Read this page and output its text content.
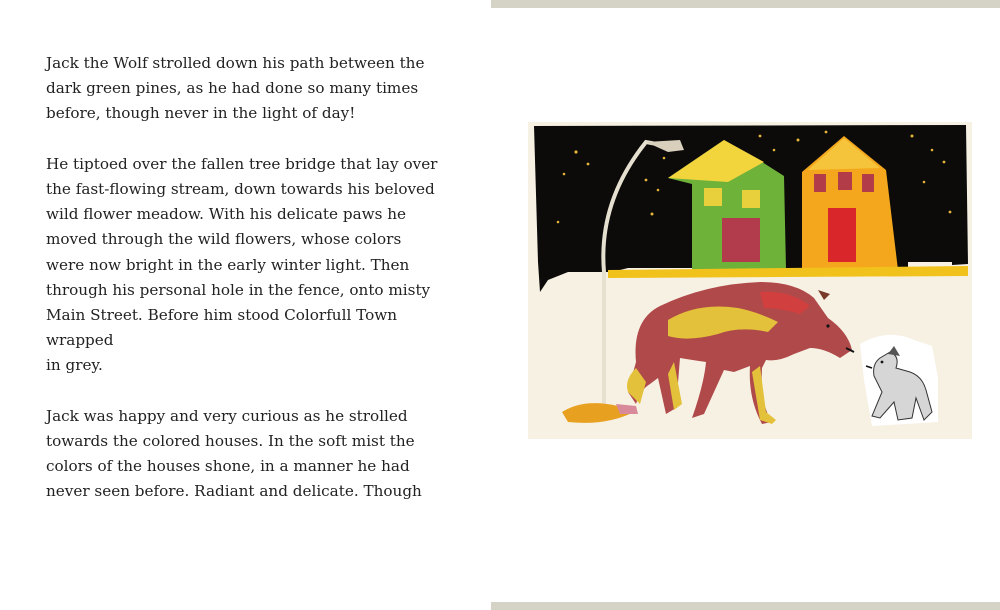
Jack the Wolf strolled down his path between the
dark green pines, as he had done so many times
before, though never in the light of day!

He tiptoed over the fallen tree bridge that lay over
the fast-flowing stream, down towards his beloved
wild flower meadow. With his delicate paws he
moved through the wild flowers, whose colors
were now bright in the early winter light. Then
through his personal hole in the fence, onto misty
Main Street. Before him stood Colorfull Town
wrapped
in grey.

Jack was happy and very curious as he strolled
towards the colored houses. In the soft mist the
colors of the houses shone, in a manner he had
never seen before. Radiant and delicate. Though
